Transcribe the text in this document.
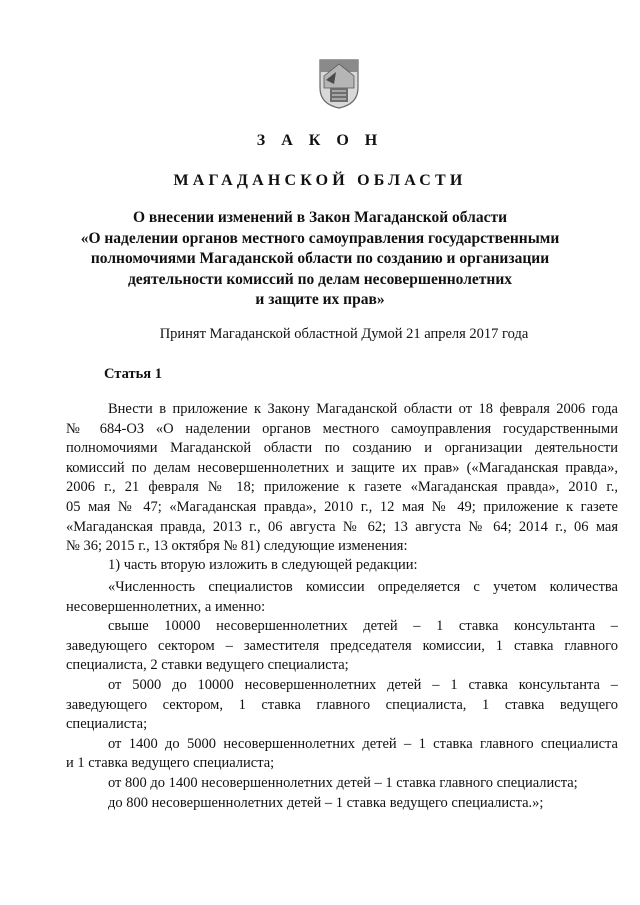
З А К О Н
МАГАДАНСКОЙ ОБЛАСТИ
О внесении изменений в Закон Магаданской области
«О наделении органов местного самоуправления государственными
полномочиями Магаданской области по созданию и организации
деятельности комиссий по делам несовершеннолетних
и защите их прав»
Принят Магаданской областной Думой 21 апреля 2017 года
Статья 1
Внести в приложение к Закону Магаданской области от 18 февраля 2006 года
№ 684-ОЗ «О наделении органов местного самоуправления государственными
полномочиями Магаданской области по созданию и организации деятельности
комиссий по делам несовершеннолетних и защите их прав» («Магаданская правда»,
2006 г., 21 февраля № 18; приложение к газете «Магаданская правда», 2010 г.,
05 мая № 47; «Магаданская правда», 2010 г., 12 мая № 49; приложение к газете
«Магаданская правда, 2013 г., 06 августа № 62; 13 августа № 64; 2014 г., 06 мая
№ 36; 2015 г., 13 октября № 81) следующие изменения:
1) часть вторую изложить в следующей редакции:
«Численность специалистов комиссии определяется с учетом количества
несовершеннолетних, а именно:
свыше 10000 несовершеннолетних детей – 1 ставка консультанта –
заведующего сектором – заместителя председателя комиссии, 1 ставка главного
специалиста, 2 ставки ведущего специалиста;
от 5000 до 10000 несовершеннолетних детей – 1 ставка консультанта –
заведующего сектором, 1 ставка главного специалиста, 1 ставка ведущего
специалиста;
от 1400 до 5000 несовершеннолетних детей – 1 ставка главного специалиста
и 1 ставка ведущего специалиста;
от 800 до 1400 несовершеннолетних детей – 1 ставка главного специалиста;
до 800 несовершеннолетних детей – 1 ставка ведущего специалиста.»;
